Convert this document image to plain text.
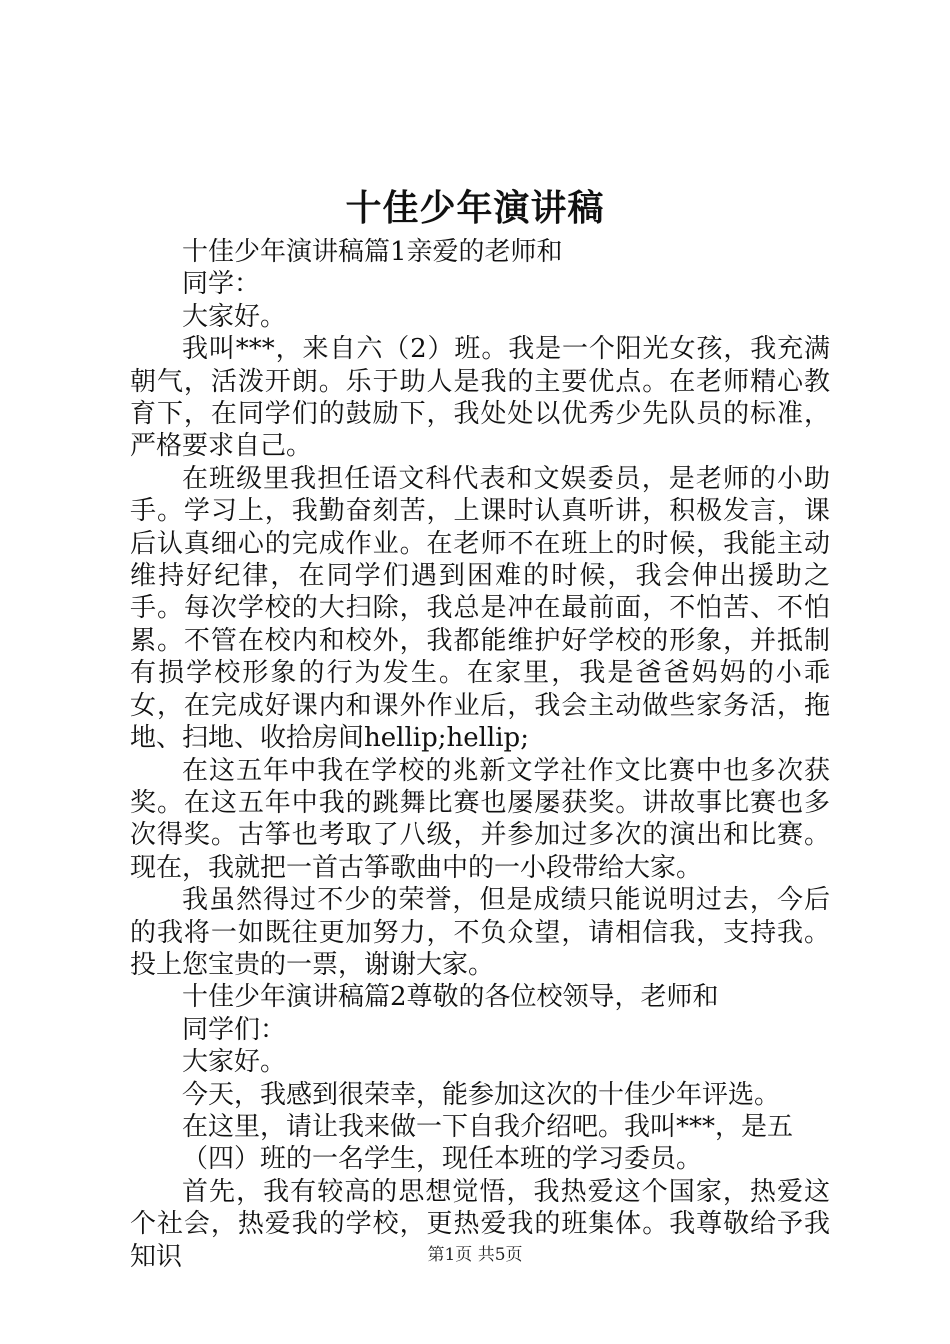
十佳少年演讲稿

十佳少年演讲稿篇1亲爱的老师和

同学：

大家好。

我叫***，来自六（2）班。我是一个阳光女孩，我充满朝气，活泼开朗。乐于助人是我的主要优点。在老师精心教育下，在同学们的鼓励下，我处处以优秀少先队员的标准，严格要求自己。

在班级里我担任语文科代表和文娱委员，是老师的小助手。学习上，我勤奋刻苦，上课时认真听讲，积极发言，课后认真细心的完成作业。在老师不在班上的时候，我能主动维持好纪律，在同学们遇到困难的时候，我会伸出援助之手。每次学校的大扫除，我总是冲在最前面，不怕苦、不怕累。不管在校内和校外，我都能维护好学校的形象，并抵制有损学校形象的行为发生。在家里，我是爸爸妈妈的小乖女，在完成好课内和课外作业后，我会主动做些家务活，拖地、扫地、收拾房间hellip;hellip;

在这五年中我在学校的兆新文学社作文比赛中也多次获奖。在这五年中我的跳舞比赛也屡屡获奖。讲故事比赛也多次得奖。古筝也考取了八级，并参加过多次的演出和比赛。现在，我就把一首古筝歌曲中的一小段带给大家。

我虽然得过不少的荣誉，但是成绩只能说明过去，今后的我将一如既往更加努力，不负众望，请相信我，支持我。投上您宝贵的一票，谢谢大家。

十佳少年演讲稿篇2尊敬的各位校领导，老师和

同学们：

大家好。

今天，我感到很荣幸，能参加这次的十佳少年评选。

在这里，请让我来做一下自我介绍吧。我叫***，是五

（四）班的一名学生，现任本班的学习委员。

首先，我有较高的思想觉悟，我热爱这个国家，热爱这个社会，热爱我的学校，更热爱我的班集体。我尊敬给予我知识	第1页 共5页
